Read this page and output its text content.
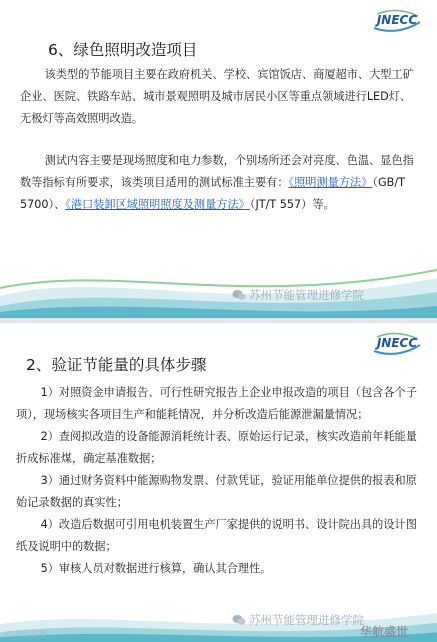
JNECC
6、绿色照明改造项目

该类型的节能项目主要在政府机关、学校、宾馆饭店、商厦超市、大型工矿企业、医院、铁路车站、城市景观照明及城市居民小区等重点领域进行LED灯、无极灯等高效照明改造。

测试内容主要是现场照度和电力参数，个别场所还会对亮度、色温、显色指数等指标有所要求，该类项目适用的测试标准主要有：《照明测量方法》（GB/T 5700）、《港口装卸区域照明照度及测量方法》（JT/T 557）等。

苏州节能管理进修学院
JNECC
2、验证节能量的具体步骤

1）对照资金申请报告、可行性研究报告上企业申报改造的项目（包含各个子项），现场核实各项目生产和能耗情况，并分析改造后能源泄漏量情况；

2）查阅拟改造的设备能源消耗统计表、原始运行记录，核实改造前年耗能量折成标准煤，确定基准数据；

3）通过财务资料中能源购物发票、付款凭证，验证用能单位提供的报表和原始记录数据的真实性；

4）改造后数据可引用电机装置生产厂家提供的说明书、设计院出具的设计图纸及说明中的数据；

5）审核人员对数据进行核算，确认其合理性。

苏州节能管理进修学院
华航盛世
© 节能管理
